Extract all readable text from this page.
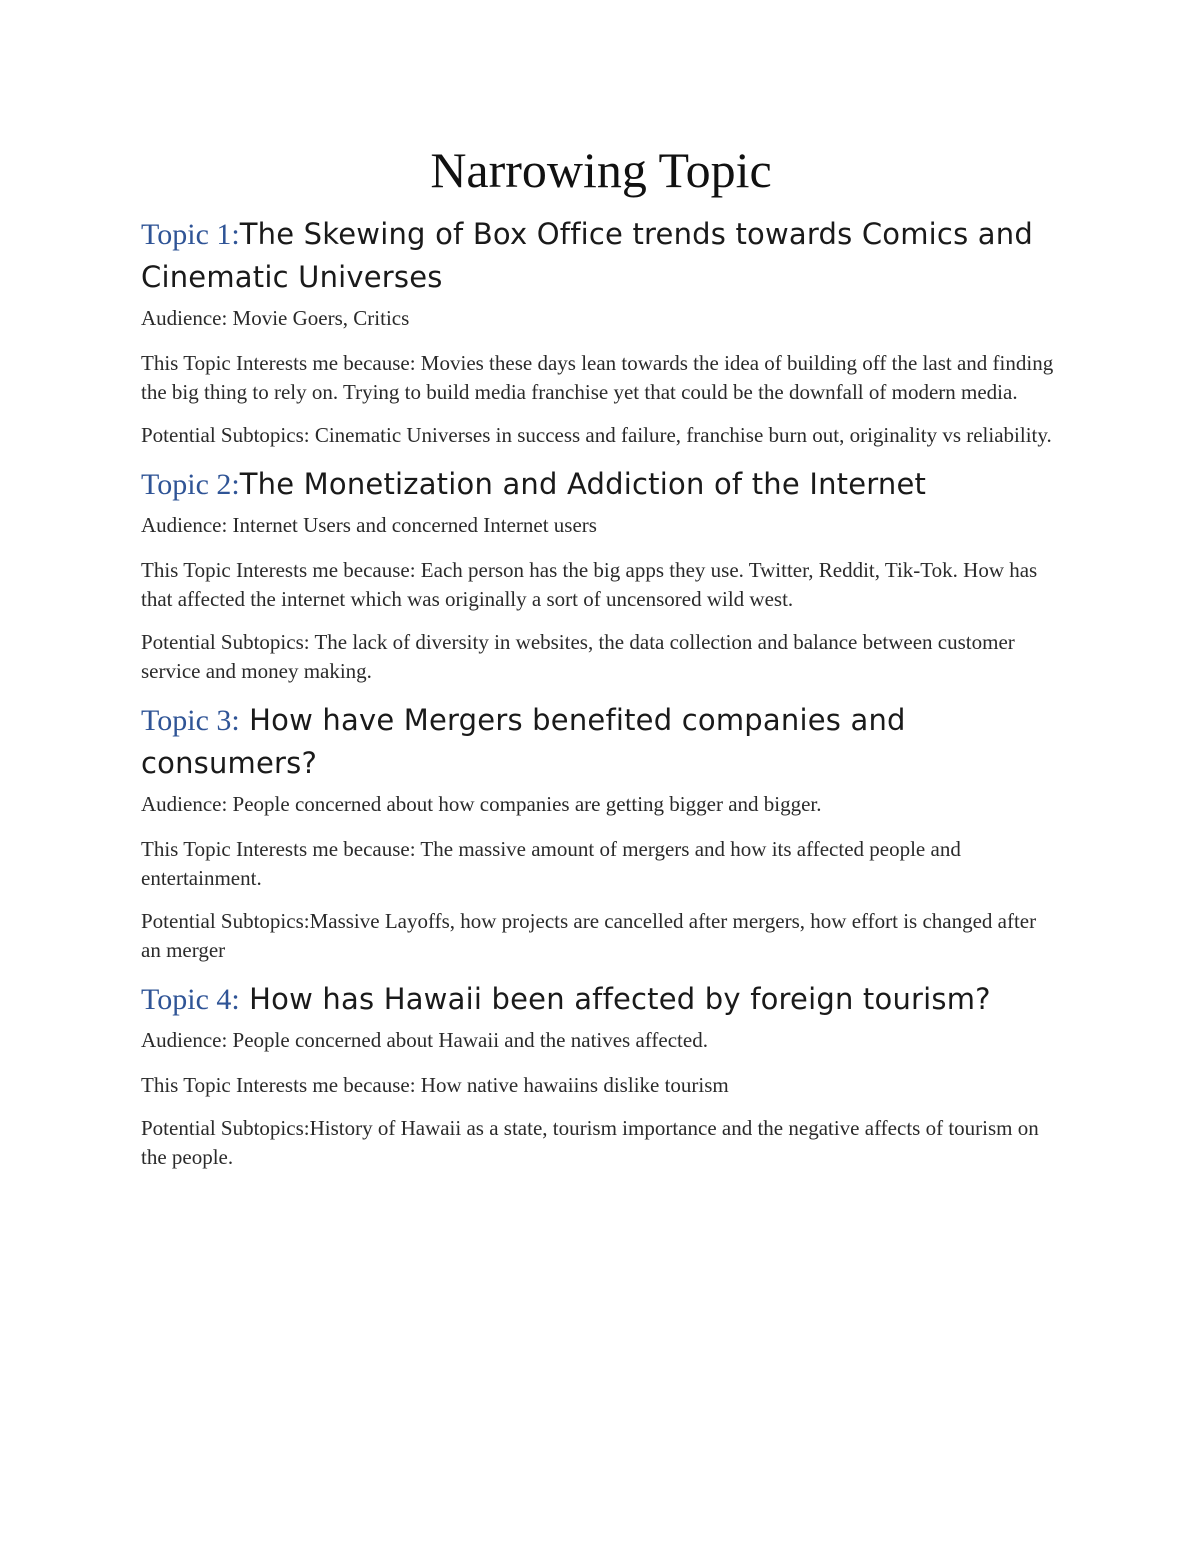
Narrowing Topic
Topic 1:The Skewing of Box Office trends towards Comics and Cinematic Universes

Audience: Movie Goers, Critics

This Topic Interests me because: Movies these days lean towards the idea of building off the last and finding the big thing to rely on. Trying to build media franchise yet that could be the downfall of modern media.

Potential Subtopics: Cinematic Universes in success and failure, franchise burn out, originality vs reliability.

Topic 2:The Monetization and Addiction of the Internet

Audience: Internet Users and concerned Internet users

This Topic Interests me because: Each person has the big apps they use. Twitter, Reddit, Tik-Tok. How has that affected the internet which was originally a sort of uncensored wild west.

Potential Subtopics: The lack of diversity in websites, the data collection and balance between customer service and money making.

Topic 3: How have Mergers benefited companies and consumers?

Audience: People concerned about how companies are getting bigger and bigger.

This Topic Interests me because: The massive amount of mergers and how its affected people and entertainment.

Potential Subtopics:Massive Layoffs, how projects are cancelled after mergers, how effort is changed after an merger

Topic 4: How has Hawaii been affected by foreign tourism?

Audience: People concerned about Hawaii and the natives affected.

This Topic Interests me because: How native hawaiins dislike tourism

Potential Subtopics:History of Hawaii as a state, tourism importance and the negative affects of tourism on the people.
